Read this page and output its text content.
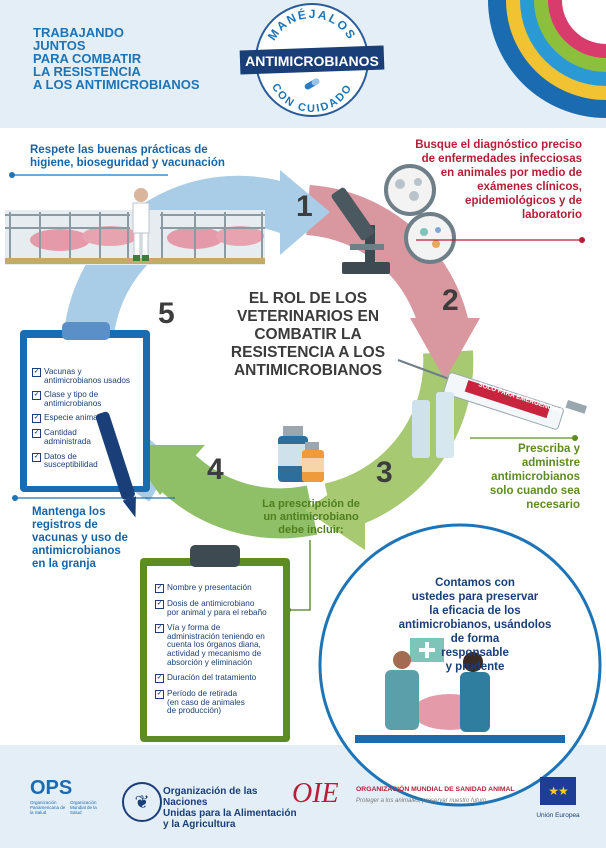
TRABAJANDO
JUNTOS
PARA COMBATIR
LA RESISTENCIA
A LOS ANTIMICROBIANOS
MANÉJALOS
CON CUIDADO
ANTIMICROBIANOS
SOLO PARA EMERGENCIAS
1
2
3
4
5	EL ROL DE LOS
VETERINARIOS EN
COMBATIR LA
RESISTENCIA A LOS
ANTIMICROBIANOS
Respete las buenas prácticas de
higiene, bioseguridad y vacunación
Busque el diagnóstico preciso
de enfermedades infecciosas
en animales por medio de
exámenes clínicos,
epidemiológicos y de
laboratorio
Prescriba y
administre
antimicrobianos
solo cuando sea
necesario
La prescripción de
un antimicrobiano
debe incluir:
Mantenga los
registros de
vacunas y uso de
antimicrobianos
en la granja
✓ Vacunas y
antimicrobianos usados
✓ Clase y tipo de
antimicrobianos
✓ Especie animal
✓ Cantidad
administrada
✓ Datos de
susceptibilidad
✓ Nombre y presentación
✓ Dosis de antimicrobiano
por animal y para el rebaño
✓ Vía y forma de
administración teniendo en
cuenta los órganos diana,
actividad y mecanismo de
absorción y eliminación
✓ Duración del tratamiento
✓ Período de retirada
(en caso de animales
de producción)
Contamos con
ustedes para preservar
la eficacia de los
antimicrobianos, usándolos
de forma
responsable
y prudente
OPS
Organización Panamericana de la Salud
Organización Mundial de la Salud
❦	Organización de las Naciones
Unidas para la Alimentación
y la Agricultura
OIE	ORGANIZACIÓN MUNDIAL DE SANIDAD ANIMAL
Proteger a los animales, preservar nuestro futuro
★★
Unión Europea
